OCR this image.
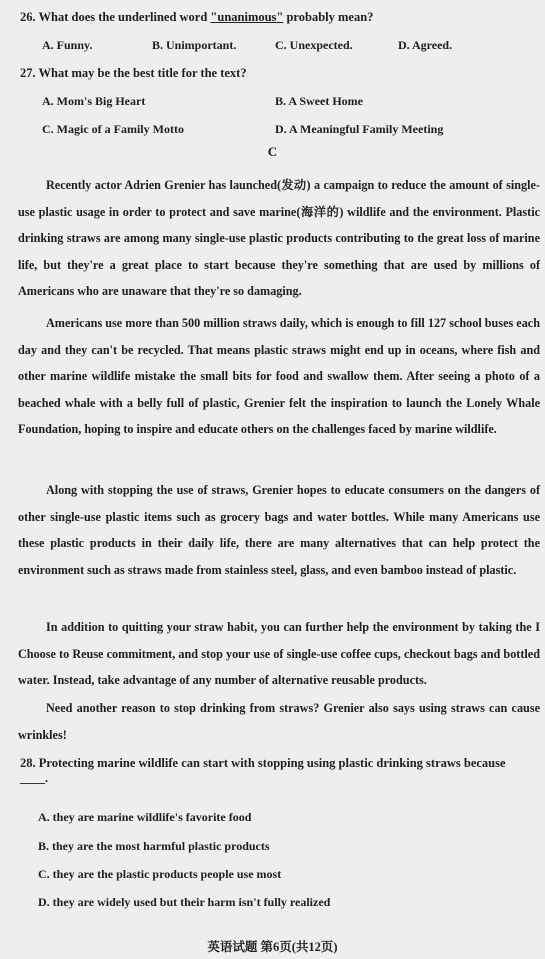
26. What does the underlined word "unanimous" probably mean?
A. Funny.	B. Unimportant.	C. Unexpected.	D. Agreed.
27. What may be the best title for the text?
A. Mom's Big Heart	B. A Sweet Home
C. Magic of a Family Motto	D. A Meaningful Family Meeting
C
Recently actor Adrien Grenier has launched(发动) a campaign to reduce the amount of single-use plastic usage in order to protect and save marine(海洋的) wildlife and the environment. Plastic drinking straws are among many single-use plastic products contributing to the great loss of marine life, but they're a great place to start because they're something that are used by millions of Americans who are unaware that they're so damaging.
Americans use more than 500 million straws daily, which is enough to fill 127 school buses each day and they can't be recycled. That means plastic straws might end up in oceans, where fish and other marine wildlife mistake the small bits for food and swallow them. After seeing a photo of a beached whale with a belly full of plastic, Grenier felt the inspiration to launch the Lonely Whale Foundation, hoping to inspire and educate others on the challenges faced by marine wildlife.
Along with stopping the use of straws, Grenier hopes to educate consumers on the dangers of other single-use plastic items such as grocery bags and water bottles. While many Americans use these plastic products in their daily life, there are many alternatives that can help protect the environment such as straws made from stainless steel, glass, and even bamboo instead of plastic.
In addition to quitting your straw habit, you can further help the environment by taking the I Choose to Reuse commitment, and stop your use of single-use coffee cups, checkout bags and bottled water. Instead, take advantage of any number of alternative reusable products.
Need another reason to stop drinking from straws? Grenier also says using straws can cause wrinkles!
28. Protecting marine wildlife can start with stopping using plastic drinking straws because
____.
A. they are marine wildlife's favorite food
B. they are the most harmful plastic products
C. they are the plastic products people use most
D. they are widely used but their harm isn't fully realized
英语试题 第6页(共12页)
